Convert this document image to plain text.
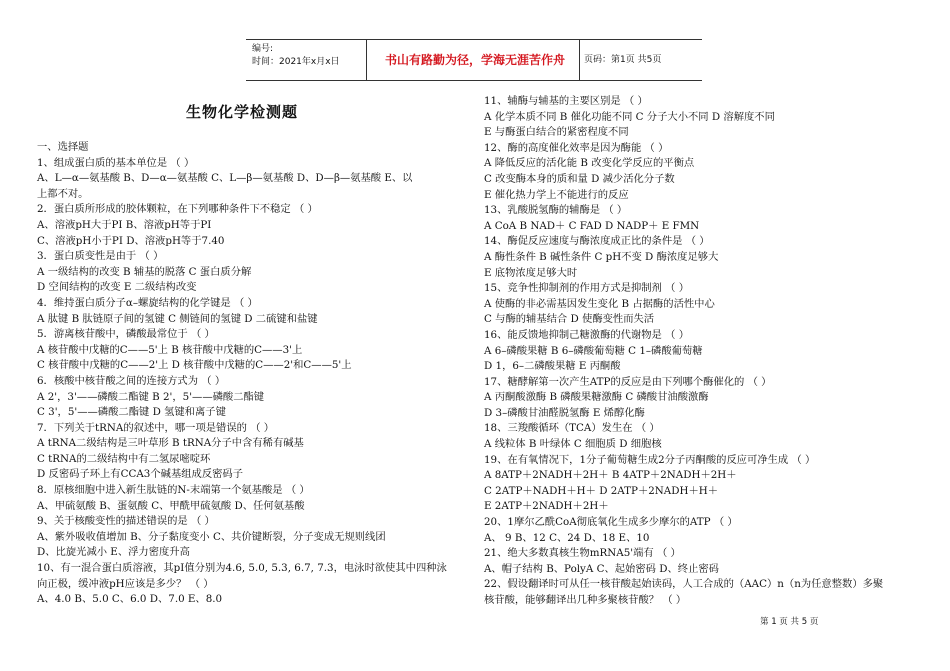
编号:
时间：2021年x月x日	书山有路勤为径，学海无涯苦作舟	页码：第1页 共5页
生物化学检测题
一、选择题
1、组成蛋白质的基本单位是 （ ）
A、L—α—氨基酸 B、D—α—氨基酸 C、L—β—氨基酸 D、D—β—氨基酸 E、以
上都不对。
2．蛋白质所形成的胶体颗粒，在下列哪种条件下不稳定 （ ）
A、溶液pH大于PI B、溶液pH等于PI
C、溶液pH小于PI D、溶液pH等于7.40
3．蛋白质变性是由于 （ ）
A 一级结构的改变 B 辅基的脱落 C 蛋白质分解
D 空间结构的改变 E 二级结构改变
4．维持蛋白质分子α–螺旋结构的化学键是 （ ）
A 肽键 B 肽链原子间的氢键 C 侧链间的氢键 D 二硫键和盐键
5．游离核苷酸中，磷酸最常位于 （ ）
A 核苷酸中戊糖的C——5'上 B 核苷酸中戊糖的C——3'上
C 核苷酸中戊糖的C——2'上 D 核苷酸中戊糖的C——2'和C——5'上
6．核酸中核苷酸之间的连接方式为 （ ）
A 2'，3'——磷酸二酯键 B 2'，5'——磷酸二酯键
C 3'，5'——磷酸二酯键 D 氢键和离子键
7．下列关于tRNA的叙述中，哪一项是错误的 （ ）
A tRNA二级结构是三叶草形 B tRNA分子中含有稀有碱基
C tRNA的二级结构中有二氢尿嘧啶环
D 反密码子环上有CCA3个碱基组成反密码子
8．原核细胞中进入新生肽链的N-末端第一个氨基酸是 （ ）
A、甲硫氨酸 B、蛋氨酸 C、甲酰甲硫氨酸 D、任何氨基酸
9、关于核酸变性的描述错误的是 （ ）
A、紫外吸收值增加 B、分子黏度变小 C、共价键断裂，分子变成无规则线团
D、比旋光减小 E、浮力密度升高
10、有一混合蛋白质溶液，其pI值分别为4.6, 5.0, 5.3, 6.7, 7.3，电泳时欲使其中四种泳
向正极，缓冲液pH应该是多少？ （ ）
A、4.0 B、5.0 C、6.0 D、7.0 E、8.0
11、辅酶与辅基的主要区别是 （ ）
A 化学本质不同 B 催化功能不同 C 分子大小不同 D 溶解度不同
E 与酶蛋白结合的紧密程度不同
12、酶的高度催化效率是因为酶能 （ ）
A 降低反应的活化能 B 改变化学反应的平衡点
C 改变酶本身的质和量 D 减少活化分子数
E 催化热力学上不能进行的反应
13、乳酸脱氢酶的辅酶是 （ ）
A CoA B NAD＋ C FAD D NADP＋ E FMN
14、酶促反应速度与酶浓度成正比的条件是 （ ）
A 酶性条件 B 碱性条件 C pH不变 D 酶浓度足够大
E 底物浓度足够大时
15、竞争性抑制剂的作用方式是抑制剂 （ ）
A 使酶的非必需基因发生变化 B 占据酶的活性中心
C 与酶的辅基结合 D 使酶变性而失活
16、能反馈地抑制己糖激酶的代谢物是 （ ）
A 6–磷酸果糖 B 6–磷酸葡萄糖 C 1–磷酸葡萄糖
D 1，6–二磷酸果糖 E 丙酮酸
17、糖酵解第一次产生ATP的反应是由下列哪个酶催化的 （ ）
A 丙酮酸激酶 B 磷酸果糖激酶 C 磷酸甘油酸激酶
D 3–磷酸甘油醛脱氢酶 E 烯醇化酶
18、三羧酸循环（TCA）发生在 （ ）
A 线粒体 B 叶绿体 C 细胞质 D 细胞核
19、在有氧情况下，1分子葡萄糖生成2分子丙酮酸的反应可净生成 （ ）
A 8ATP＋2NADH＋2H＋ B 4ATP＋2NADH＋2H＋
C 2ATP＋NADH＋H＋ D 2ATP＋2NADH＋H＋
E 2ATP＋2NADH＋2H＋
20、1摩尔乙酰CoA彻底氧化生成多少摩尔的ATP （ ）
A、 9 B、12 C、24 D、18 E、10
21、绝大多数真核生物mRNA5'端有 （ ）
A、帽子结构 B、PolyA C、起始密码 D、终止密码
22、假设翻译时可从任一核苷酸起始读码，人工合成的（AAC）n（n为任意整数）多聚
核苷酸，能够翻译出几种多聚核苷酸？ （ ）
第 1 页 共 5 页
